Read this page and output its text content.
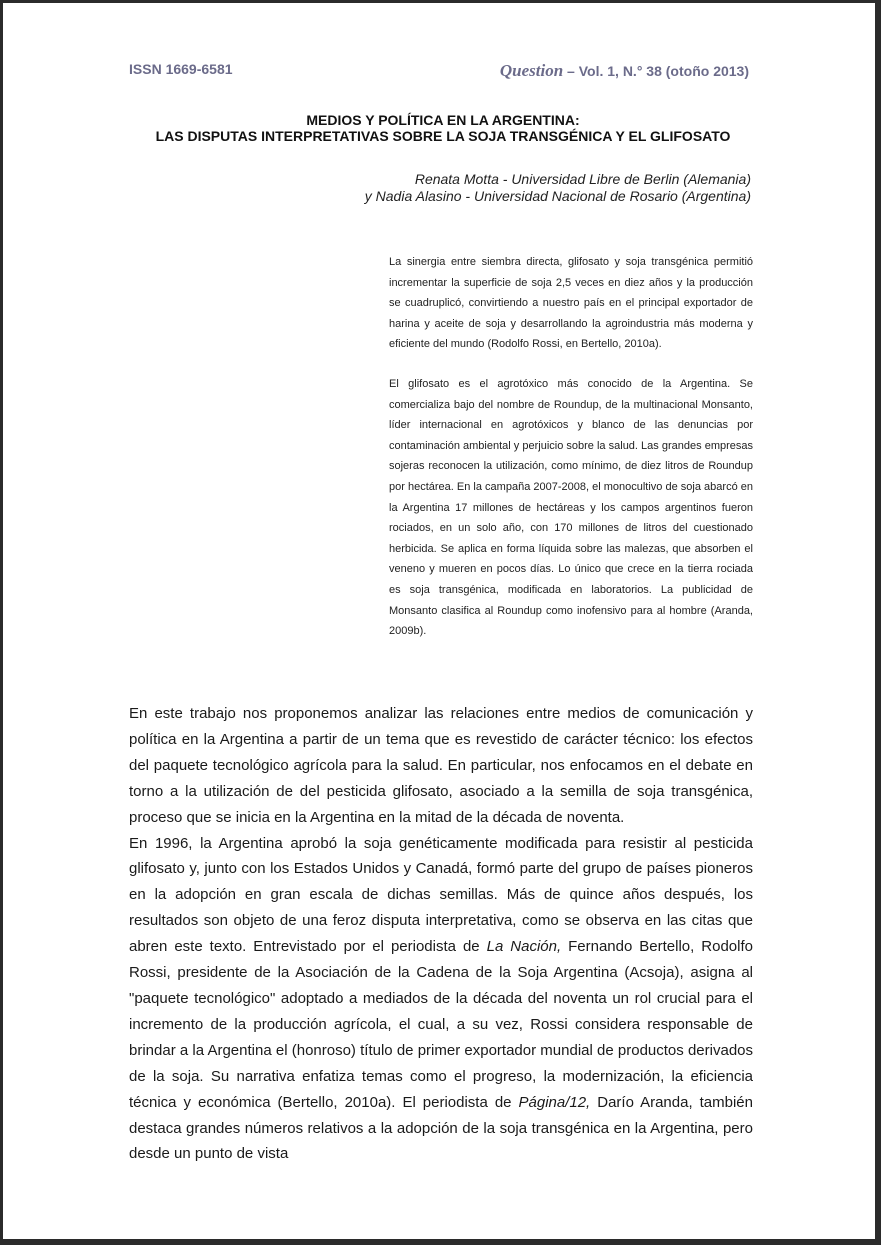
ISSN 1669-6581	Question – Vol. 1, N.° 38 (otoño 2013)
MEDIOS Y POLÍTICA EN LA ARGENTINA:
LAS DISPUTAS INTERPRETATIVAS SOBRE LA SOJA TRANSGÉNICA Y EL GLIFOSATO
Renata Motta - Universidad Libre de Berlin (Alemania)
y Nadia Alasino - Universidad Nacional de Rosario (Argentina)

La sinergia entre siembra directa, glifosato y soja transgénica permitió incrementar la superficie de soja 2,5 veces en diez años y la producción se cuadruplicó, convirtiendo a nuestro país en el principal exportador de harina y aceite de soja y desarrollando la agroindustria más moderna y eficiente del mundo (Rodolfo Rossi, en Bertello, 2010a).

El glifosato es el agrotóxico más conocido de la Argentina. Se comercializa bajo del nombre de Roundup, de la multinacional Monsanto, líder internacional en agrotóxicos y blanco de las denuncias por contaminación ambiental y perjuicio sobre la salud. Las grandes empresas sojeras reconocen la utilización, como mínimo, de diez litros de Roundup por hectárea. En la campaña 2007-2008, el monocultivo de soja abarcó en la Argentina 17 millones de hectáreas y los campos argentinos fueron rociados, en un solo año, con 170 millones de litros del cuestionado herbicida. Se aplica en forma líquida sobre las malezas, que absorben el veneno y mueren en pocos días. Lo único que crece en la tierra rociada es soja transgénica, modificada en laboratorios. La publicidad de Monsanto clasifica al Roundup como inofensivo para al hombre (Aranda, 2009b).

En este trabajo nos proponemos analizar las relaciones entre medios de comunicación y política en la Argentina a partir de un tema que es revestido de carácter técnico: los efectos del paquete tecnológico agrícola para la salud. En particular, nos enfocamos en el debate en torno a la utilización de del pesticida glifosato, asociado a la semilla de soja transgénica, proceso que se inicia en la Argentina en la mitad de la década de noventa.

En 1996, la Argentina aprobó la soja genéticamente modificada para resistir al pesticida glifosato y, junto con los Estados Unidos y Canadá, formó parte del grupo de países pioneros en la adopción en gran escala de dichas semillas. Más de quince años después, los resultados son objeto de una feroz disputa interpretativa, como se observa en las citas que abren este texto. Entrevistado por el periodista de La Nación, Fernando Bertello, Rodolfo Rossi, presidente de la Asociación de la Cadena de la Soja Argentina (Acsoja), asigna al "paquete tecnológico" adoptado a mediados de la década del noventa un rol crucial para el incremento de la producción agrícola, el cual, a su vez, Rossi considera responsable de brindar a la Argentina el (honroso) título de primer exportador mundial de productos derivados de la soja. Su narrativa enfatiza temas como el progreso, la modernización, la eficiencia técnica y económica (Bertello, 2010a). El periodista de Página/12, Darío Aranda, también destaca grandes números relativos a la adopción de la soja transgénica en la Argentina, pero desde un punto de vista
